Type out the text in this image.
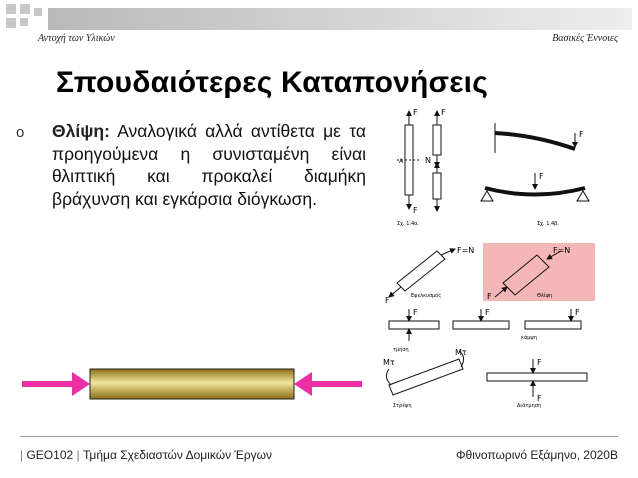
Αντοχή των Υλικών	Βασικές Έννοιες
Σπουδαιότερες Καταπονήσεις
o Θλίψη: Αναλογικά αλλά αντίθετα με τα προηγούμενα η συνισταμένη είναι θλιπτική και προκαλεί διαμήκη βράχυνση και εγκάρσια διόγκωση.
F	F
A	N
F
Σχ. 1.4α.
F
F
Σχ. 1.4β.
F=N
F	Εφελκυσμός
F=N
F	Θλίψη
F	F	F
τμήση
κάμψη
Mτ
Mτ
Στρέψη
F
F
Διάτμηση
| GEO102 | Τμήμα Σχεδιαστών Δομικών Έργων	Φθινοπωρινό Εξάμηνο, 2020Β
